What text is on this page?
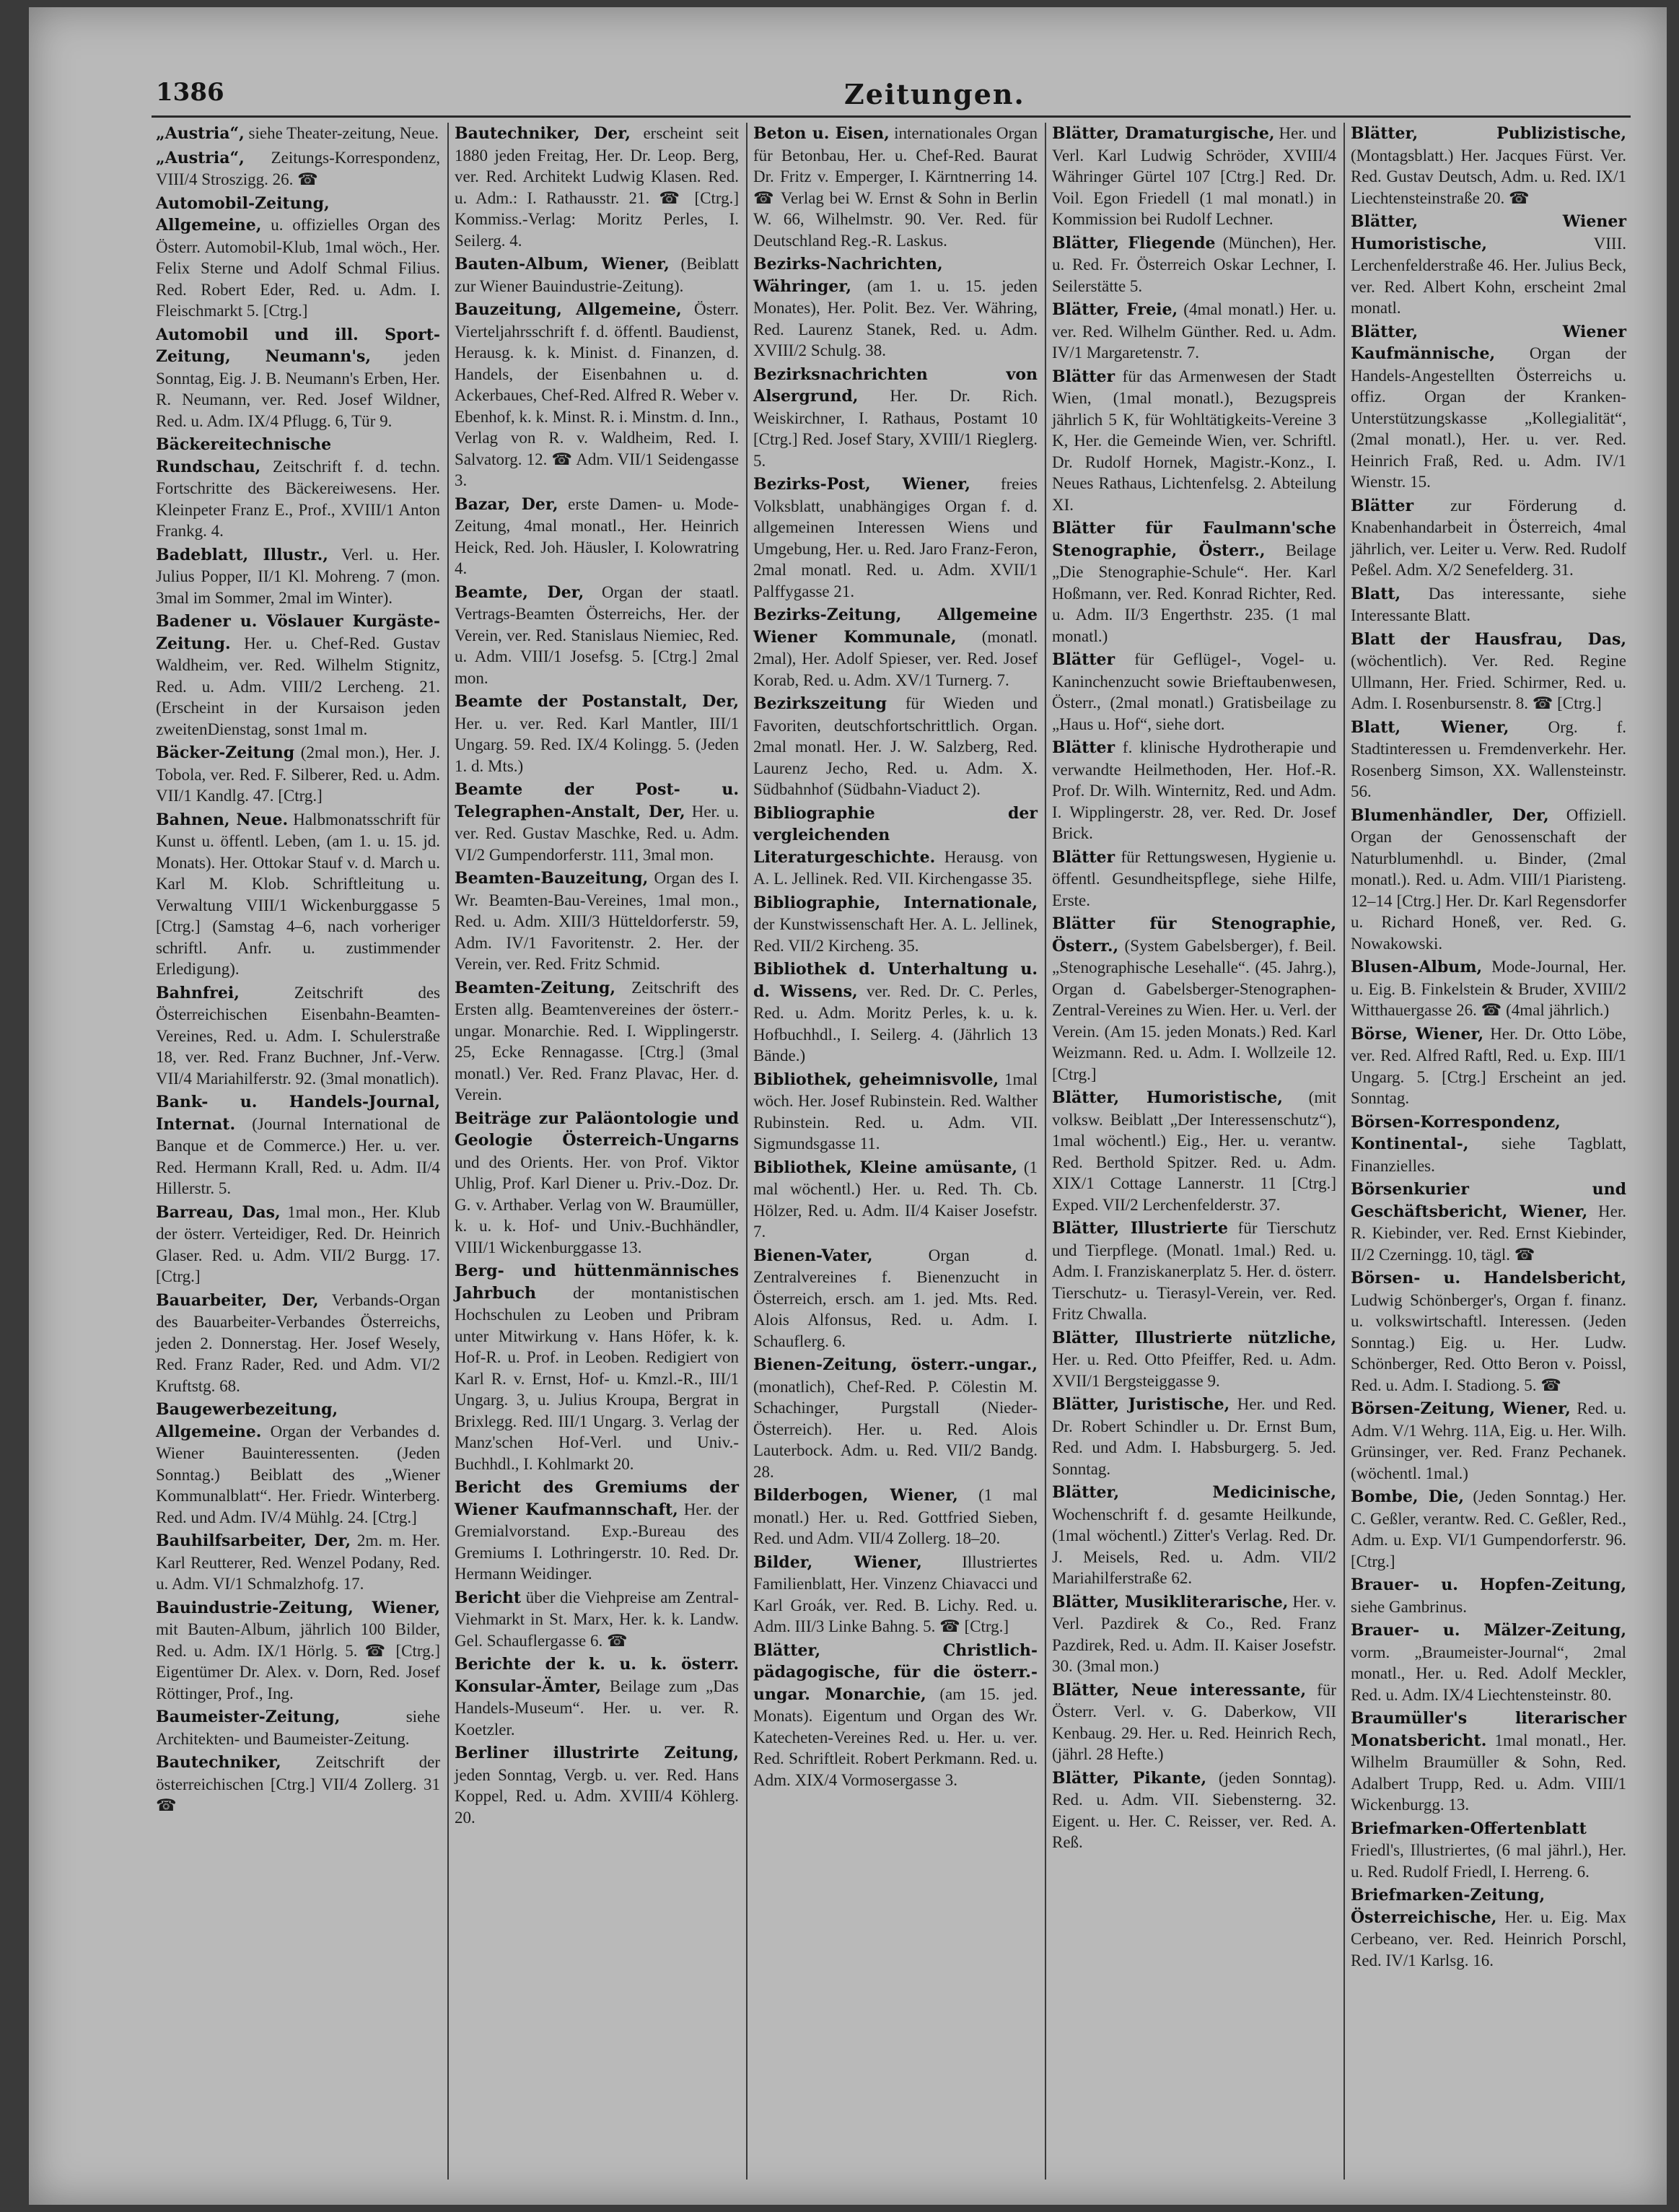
1386	Zeitungen.
„Austria“, siehe Theater-zeitung, Neue.
„Austria“, Zeitungs-Korrespondenz, VIII/4 Stroszigg. 26. ☎
Automobil-Zeitung, Allgemeine, u. offizielles Organ des Österr. Automobil-Klub, 1mal wöch., Her. Felix Sterne und Adolf Schmal Filius. Red. Robert Eder, Red. u. Adm. I. Fleischmarkt 5. [Ctrg.]
Automobil und ill. Sport-Zeitung, Neumann's, jeden Sonntag, Eig. J. B. Neumann's Erben, Her. R. Neumann, ver. Red. Josef Wildner, Red. u. Adm. IX/4 Pflugg. 6, Tür 9.
Bäckereitechnische Rundschau, Zeitschrift f. d. techn. Fortschritte des Bäckereiwesens. Her. Kleinpeter Franz E., Prof., XVIII/1 Anton Frankg. 4.
Badeblatt, Illustr., Verl. u. Her. Julius Popper, II/1 Kl. Mohreng. 7 (mon. 3mal im Sommer, 2mal im Winter).
Badener u. Vöslauer Kurgäste-Zeitung. Her. u. Chef-Red. Gustav Waldheim, ver. Red. Wilhelm Stignitz, Red. u. Adm. VIII/2 Lercheng. 21. (Erscheint in der Kursaison jeden zweitenDienstag, sonst 1mal m.
Bäcker-Zeitung (2mal mon.), Her. J. Tobola, ver. Red. F. Silberer, Red. u. Adm. VII/1 Kandlg. 47. [Ctrg.]
Bahnen, Neue. Halbmonatsschrift für Kunst u. öffentl. Leben, (am 1. u. 15. jd. Monats). Her. Ottokar Stauf v. d. March u. Karl M. Klob. Schriftleitung u. Verwaltung VIII/1 Wickenburggasse 5 [Ctrg.] (Samstag 4–6, nach vorheriger schriftl. Anfr. u. zustimmender Erledigung).
Bahnfrei,	Zeitschrift des Österreichischen Eisenbahn-Beamten-Vereines, Red. u. Adm. I. Schulerstraße 18, ver. Red. Franz Buchner, Jnf.-Verw. VII/4 Mariahilferstr. 92. (3mal monatlich).
Bank- u. Handels-Journal, Internat. (Journal International de Banque et de Commerce.) Her. u. ver. Red. Hermann Krall, Red. u. Adm. II/4 Hillerstr. 5.
Barreau, Das, 1mal mon., Her. Klub der österr. Verteidiger, Red. Dr. Heinrich Glaser. Red. u. Adm. VII/2 Burgg. 17. [Ctrg.]
Bauarbeiter, Der, Verbands-Organ des Bauarbeiter-Verbandes Österreichs, jeden 2. Donnerstag. Her. Josef Wesely, Red. Franz Rader, Red. und Adm. VI/2 Kruftstg. 68.
Baugewerbezeitung, Allgemeine. Organ der Verbandes d. Wiener Bauinteressenten. (Jeden Sonntag.) Beiblatt des „Wiener Kommunalblatt“. Her. Friedr. Winterberg. Red. und Adm. IV/4 Mühlg. 24. [Ctrg.]
Bauhilfsarbeiter, Der, 2m. m. Her. Karl Reutterer, Red. Wenzel Podany, Red. u. Adm. VI/1 Schmalzhofg. 17.
Bauindustrie-Zeitung, Wiener, mit Bauten-Album, jährlich 100 Bilder, Red. u. Adm. IX/1 Hörlg. 5. ☎ [Ctrg.] Eigentümer Dr. Alex. v. Dorn, Red. Josef Röttinger, Prof., Ing.
Baumeister-Zeitung,	siehe Architekten- und Baumeister-Zeitung.
Bautechniker, Zeitschrift der österreichischen [Ctrg.] VII/4 Zollerg. 31 ☎
Bautechniker, Der, erscheint seit 1880 jeden Freitag, Her. Dr. Leop. Berg, ver. Red. Architekt Ludwig Klasen. Red. u. Adm.: I. Rathausstr. 21. ☎ [Ctrg.] Kommiss.-Verlag: Moritz Perles, I. Seilerg. 4.
Bauten-Album, Wiener, (Beiblatt zur Wiener Bauindustrie-Zeitung).
Bauzeitung, Allgemeine, Österr. Vierteljahrsschrift f. d. öffentl. Baudienst, Herausg. k. k. Minist. d. Finanzen, d. Handels, der Eisenbahnen u. d. Ackerbaues, Chef-Red. Alfred R. Weber v. Ebenhof, k. k. Minst. R. i. Minstm. d. Inn., Verlag von R. v. Waldheim, Red. I. Salvatorg. 12. ☎ Adm. VII/1 Seidengasse 3.
Bazar, Der, erste Damen- u. Mode-Zeitung, 4mal monatl., Her. Heinrich Heick, Red. Joh. Häusler, I. Kolowratring 4.
Beamte, Der, Organ der staatl. Vertrags-Beamten Österreichs, Her. der Verein, ver. Red. Stanislaus Niemiec, Red. u. Adm. VIII/1 Josefsg. 5. [Ctrg.] 2mal mon.
Beamte der Postanstalt, Der, Her. u. ver. Red. Karl Mantler, III/1 Ungarg. 59. Red. IX/4 Kolingg. 5. (Jeden 1. d. Mts.)
Beamte der Post- u. Telegraphen-Anstalt, Der, Her. u. ver. Red. Gustav Maschke, Red. u. Adm. VI/2 Gumpendorferstr. 111, 3mal mon.
Beamten-Bauzeitung, Organ des I. Wr. Beamten-Bau-Vereines, 1mal mon., Red. u. Adm. XIII/3 Hütteldorferstr. 59, Adm. IV/1 Favoritenstr. 2. Her. der Verein, ver. Red. Fritz Schmid.
Beamten-Zeitung, Zeitschrift des Ersten allg. Beamtenvereines der österr.-ungar. Monarchie. Red. I. Wipplingerstr. 25, Ecke Rennagasse. [Ctrg.] (3mal monatl.) Ver. Red. Franz Plavac, Her. d. Verein.
Beiträge zur Paläontologie und Geologie Österreich-Ungarns und des Orients. Her. von Prof. Viktor Uhlig, Prof. Karl Diener u. Priv.-Doz. Dr. G. v. Arthaber. Verlag von W. Braumüller, k. u. k. Hof- und Univ.-Buchhändler, VIII/1 Wickenburggasse 13.
Berg- und hüttenmännisches Jahrbuch der montanistischen Hochschulen zu Leoben und Pribram unter Mitwirkung v. Hans Höfer, k. k. Hof-R. u. Prof. in Leoben. Redigiert von Karl R. v. Ernst, Hof- u. Kmzl.-R., III/1 Ungarg. 3, u. Julius Kroupa, Bergrat in Brixlegg. Red. III/1 Ungarg. 3. Verlag der Manz'schen Hof-Verl. und Univ.-Buchhdl., I. Kohlmarkt 20.
Bericht des Gremiums der Wiener Kaufmannschaft, Her. der Gremialvorstand. Exp.-Bureau des Gremiums I. Lothringerstr. 10. Red. Dr. Hermann Weidinger.
Bericht über die Viehpreise am Zentral-Viehmarkt in St. Marx, Her. k. k. Landw. Gel. Schauflergasse 6. ☎
Berichte der k. u. k. österr. Konsular-Ämter, Beilage zum „Das Handels-Museum“. Her. u. ver. R. Koetzler.
Berliner illustrirte Zeitung, jeden Sonntag, Vergb. u. ver. Red. Hans Koppel, Red. u. Adm. XVIII/4 Köhlerg. 20.
Beton u. Eisen, internationales Organ für Betonbau, Her. u. Chef-Red. Baurat Dr. Fritz v. Emperger, I. Kärntnerring 14. ☎ Verlag bei W. Ernst & Sohn in Berlin W. 66, Wilhelmstr. 90. Ver. Red. für Deutschland Reg.-R. Laskus.
Bezirks-Nachrichten, Währinger, (am 1. u. 15. jeden Monates), Her. Polit. Bez. Ver. Währing, Red. Laurenz Stanek, Red. u. Adm. XVIII/2 Schulg. 38.
Bezirksnachrichten von Alsergrund, Her. Dr. Rich. Weiskirchner, I. Rathaus, Postamt 10 [Ctrg.] Red. Josef Stary, XVIII/1 Rieglerg. 5.
Bezirks-Post, Wiener, freies Volksblatt, unabhängiges Organ f. d. allgemeinen Interessen Wiens und Umgebung, Her. u. Red. Jaro Franz-Feron, 2mal monatl. Red. u. Adm. XVII/1 Palffygasse 21.
Bezirks-Zeitung, Allgemeine Wiener Kommunale, (monatl. 2mal), Her. Adolf Spieser, ver. Red. Josef Korab, Red. u. Adm. XV/1 Turnerg. 7.
Bezirkszeitung für Wieden und Favoriten, deutschfortschrittlich. Organ. 2mal monatl. Her. J. W. Salzberg, Red. Laurenz Jecho, Red. u. Adm. X. Südbahnhof (Südbahn-Viaduct 2).
Bibliographie der vergleichenden Literaturgeschichte. Herausg. von A. L. Jellinek. Red. VII. Kirchengasse 35.
Bibliographie, Internationale, der Kunstwissenschaft Her. A. L. Jellinek, Red. VII/2 Kircheng. 35.
Bibliothek d. Unterhaltung u. d. Wissens, ver. Red. Dr. C. Perles, Red. u. Adm. Moritz Perles, k. u. k. Hofbuchhdl., I. Seilerg. 4. (Jährlich 13 Bände.)
Bibliothek, geheimnisvolle, 1mal wöch. Her. Josef Rubinstein. Red. Walther Rubinstein. Red. u. Adm. VII. Sigmundsgasse 11.
Bibliothek, Kleine amüsante, (1 mal wöchentl.) Her. u. Red. Th. Cb. Hölzer, Red. u. Adm. II/4 Kaiser Josefstr. 7.
Bienen-Vater,	Organ d. Zentralvereines f. Bienenzucht in Österreich, ersch. am 1. jed. Mts. Red. Alois Alfonsus, Red. u. Adm. I. Schauflerg. 6.
Bienen-Zeitung, österr.-ungar., (monatlich), Chef-Red. P. Cölestin M. Schachinger, Purgstall (Nieder-Österreich). Her. u. Red. Alois Lauterbock. Adm. u. Red. VII/2 Bandg. 28.
Bilderbogen, Wiener, (1 mal monatl.) Her. u. Red. Gottfried Sieben, Red. und Adm. VII/4 Zollerg. 18–20.
Bilder, Wiener, Illustriertes Familienblatt, Her. Vinzenz Chiavacci und Karl Groák, ver. Red. B. Lichy. Red. u. Adm. III/3 Linke Bahng. 5. ☎ [Ctrg.]
Blätter, Christlich-pädagogische, für die österr.-ungar. Monarchie, (am 15. jed. Monats). Eigentum und Organ des Wr. Katecheten-Vereines Red. u. Her. u. ver. Red. Schriftleit. Robert Perkmann. Red. u. Adm. XIX/4 Vormosergasse 3.
Blätter, Dramaturgische, Her. und Verl. Karl Ludwig Schröder, XVIII/4 Währinger Gürtel 107 [Ctrg.] Red. Dr. Voil. Egon Friedell (1 mal monatl.) in Kommission bei Rudolf Lechner.
Blätter, Fliegende (München), Her. u. Red. Fr. Österreich Oskar Lechner, I. Seilerstätte 5.
Blätter, Freie, (4mal monatl.) Her. u. ver. Red. Wilhelm Günther. Red. u. Adm. IV/1 Margaretenstr. 7.
Blätter für das Armenwesen der Stadt Wien, (1mal monatl.), Bezugspreis jährlich 5 K, für Wohltätigkeits-Vereine 3 K, Her. die Gemeinde Wien, ver. Schriftl. Dr. Rudolf Hornek, Magistr.-Konz., I. Neues Rathaus, Lichtenfelsg. 2. Abteilung XI.
Blätter für Faulmann'sche Stenographie, Österr., Beilage „Die Stenographie-Schule“. Her. Karl Hoßmann, ver. Red. Konrad Richter, Red. u. Adm. II/3 Engerthstr. 235. (1 mal monatl.)
Blätter für Geflügel-, Vogel- u. Kaninchenzucht sowie Brieftaubenwesen, Österr., (2mal monatl.) Gratisbeilage zu „Haus u. Hof“, siehe dort.
Blätter f. klinische Hydrotherapie und verwandte Heilmethoden, Her. Hof.-R. Prof. Dr. Wilh. Winternitz, Red. und Adm. I. Wipplingerstr. 28, ver. Red. Dr. Josef Brick.
Blätter für Rettungswesen, Hygienie u. öffentl. Gesundheitspflege, siehe Hilfe, Erste.
Blätter für Stenographie, Österr., (System Gabelsberger), f. Beil. „Stenographische Lesehalle“. (45. Jahrg.), Organ d. Gabelsberger-Stenographen-Zentral-Vereines zu Wien. Her. u. Verl. der Verein. (Am 15. jeden Monats.) Red. Karl Weizmann. Red. u. Adm. I. Wollzeile 12. [Ctrg.]
Blätter, Humoristische, (mit volksw. Beiblatt „Der Interessenschutz“), 1mal wöchentl.) Eig., Her. u. verantw. Red. Berthold Spitzer. Red. u. Adm. XIX/1 Cottage Lannerstr. 11 [Ctrg.] Exped. VII/2 Lerchenfelderstr. 37.
Blätter, Illustrierte für Tierschutz und Tierpflege. (Monatl. 1mal.) Red. u. Adm. I. Franziskanerplatz 5. Her. d. österr. Tierschutz- u. Tierasyl-Verein, ver. Red. Fritz Chwalla.
Blätter, Illustrierte nützliche, Her. u. Red. Otto Pfeiffer, Red. u. Adm. XVII/1 Bergsteiggasse 9.
Blätter, Juristische, Her. und Red. Dr. Robert Schindler u. Dr. Ernst Bum, Red. und Adm. I. Habsburgerg. 5. Jed. Sonntag.
Blätter, Medicinische, Wochenschrift f. d. gesamte Heilkunde, (1mal wöchentl.) Zitter's Verlag. Red. Dr. J. Meisels, Red. u. Adm. VII/2 Mariahilferstraße 62.
Blätter, Musikliterarische, Her. v. Verl. Pazdirek & Co., Red. Franz Pazdirek, Red. u. Adm. II. Kaiser Josefstr. 30. (3mal mon.)
Blätter, Neue interessante, für Österr. Verl. v. G. Daberkow, VII Kenbaug. 29. Her. u. Red. Heinrich Rech, (jährl. 28 Hefte.)
Blätter, Pikante, (jeden Sonntag). Red. u. Adm. VII. Siebensterng. 32. Eigent. u. Her. C. Reisser, ver. Red. A. Reß.
Blätter, Publizistische, (Montagsblatt.) Her. Jacques Fürst. Ver. Red. Gustav Deutsch, Adm. u. Red. IX/1 Liechtensteinstraße 20. ☎
Blätter, Wiener Humoristische,	VIII. Lerchenfelderstraße 46. Her. Julius Beck, ver. Red. Albert Kohn, erscheint 2mal monatl.
Blätter, Wiener Kaufmännische, Organ der Handels-Angestellten Österreichs u. offiz. Organ der Kranken-Unterstützungskasse „Kollegialität“, (2mal monatl.), Her. u. ver. Red. Heinrich Fraß, Red. u. Adm. IV/1 Wienstr. 15.
Blätter zur Förderung d. Knabenhandarbeit in Österreich, 4mal jährlich, ver. Leiter u. Verw. Red. Rudolf Peßel. Adm. X/2 Senefelderg. 31.
Blatt, Das interessante, siehe Interessante Blatt.
Blatt der Hausfrau, Das, (wöchentlich). Ver. Red. Regine Ullmann, Her. Fried. Schirmer, Red. u. Adm. I. Rosenbursenstr. 8. ☎ [Ctrg.]
Blatt, Wiener, Org. f. Stadtinteressen u. Fremdenverkehr. Her. Rosenberg Simson, XX. Wallensteinstr. 56.
Blumenhändler, Der, Offiziell. Organ der Genossenschaft der Naturblumenhdl. u. Binder, (2mal monatl.). Red. u. Adm. VIII/1 Piaristeng. 12–14 [Ctrg.] Her. Dr. Karl Regensdorfer u. Richard Honeß, ver. Red. G. Nowakowski.
Blusen-Album, Mode-Journal, Her. u. Eig. B. Finkelstein & Bruder, XVIII/2 Witthauergasse 26. ☎ (4mal jährlich.)
Börse, Wiener, Her. Dr. Otto Löbe, ver. Red. Alfred Raftl, Red. u. Exp. III/1 Ungarg. 5. [Ctrg.] Erscheint an jed. Sonntag.
Börsen-Korrespondenz, Kontinental-, siehe Tagblatt, Finanzielles.
Börsenkurier und Geschäftsbericht, Wiener, Her. R. Kiebinder, ver. Red. Ernst Kiebinder, II/2 Czerningg. 10, tägl. ☎
Börsen- u. Handelsbericht, Ludwig Schönberger's, Organ f. finanz. u. volkswirtschaftl. Interessen. (Jeden Sonntag.) Eig. u. Her. Ludw. Schönberger, Red. Otto Beron v. Poissl, Red. u. Adm. I. Stadiong. 5. ☎
Börsen-Zeitung, Wiener, Red. u. Adm. V/1 Wehrg. 11A, Eig. u. Her. Wilh. Grünsinger, ver. Red. Franz Pechanek. (wöchentl. 1mal.)
Bombe, Die, (Jeden Sonntag.) Her. C. Geßler, verantw. Red. C. Geßler, Red., Adm. u. Exp. VI/1 Gumpendorferstr. 96. [Ctrg.]
Brauer- u. Hopfen-Zeitung, siehe Gambrinus.
Brauer- u. Mälzer-Zeitung, vorm. „Braumeister-Journal“, 2mal monatl., Her. u. Red. Adolf Meckler, Red. u. Adm. IX/4 Liechtensteinstr. 80.
Braumüller's literarischer Monatsbericht. 1mal monatl., Her. Wilhelm Braumüller & Sohn, Red. Adalbert Trupp, Red. u. Adm. VIII/1 Wickenburgg. 13.
Briefmarken-Offertenblatt Friedl's, Illustriertes, (6 mal jährl.), Her. u. Red. Rudolf Friedl, I. Herreng. 6.
Briefmarken-Zeitung, Österreichische, Her. u. Eig. Max Cerbeano, ver. Red. Heinrich Porschl, Red. IV/1 Karlsg. 16.
